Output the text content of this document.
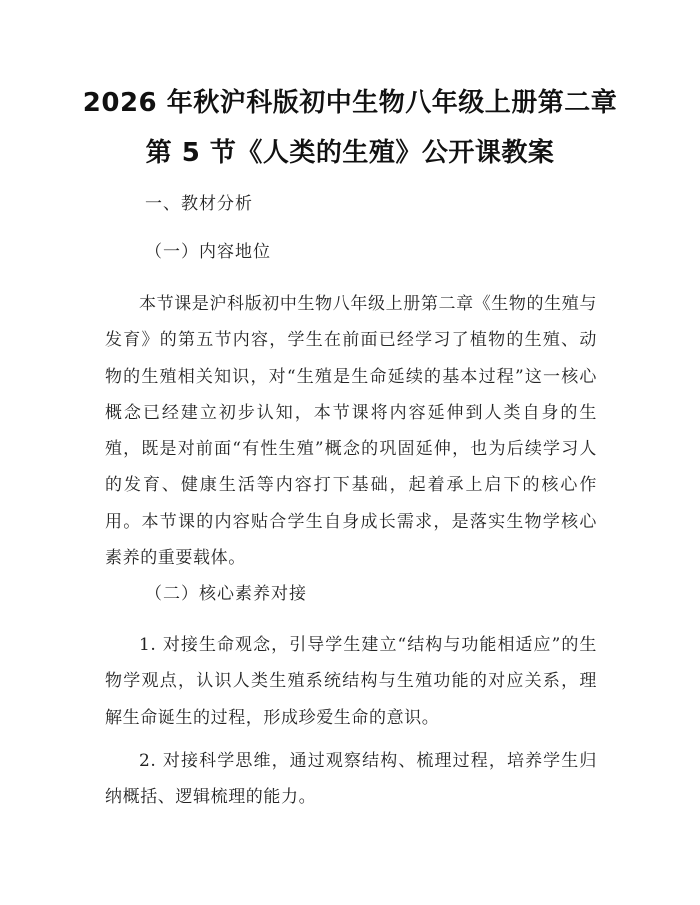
2026 年秋沪科版初中生物八年级上册第二章
第 5 节《人类的生殖》公开课教案
一、教材分析
（一）内容地位
本节课是沪科版初中生物八年级上册第二章《生物的生殖与发育》的第五节内容，学生在前面已经学习了植物的生殖、动物的生殖相关知识，对“生殖是生命延续的基本过程”这一核心概念已经建立初步认知，本节课将内容延伸到人类自身的生殖，既是对前面“有性生殖”概念的巩固延伸，也为后续学习人的发育、健康生活等内容打下基础，起着承上启下的核心作用。本节课的内容贴合学生自身成长需求，是落实生物学核心素养的重要载体。
（二）核心素养对接
1. 对接生命观念，引导学生建立“结构与功能相适应”的生物学观点，认识人类生殖系统结构与生殖功能的对应关系，理解生命诞生的过程，形成珍爱生命的意识。
2. 对接科学思维，通过观察结构、梳理过程，培养学生归纳概括、逻辑梳理的能力。
